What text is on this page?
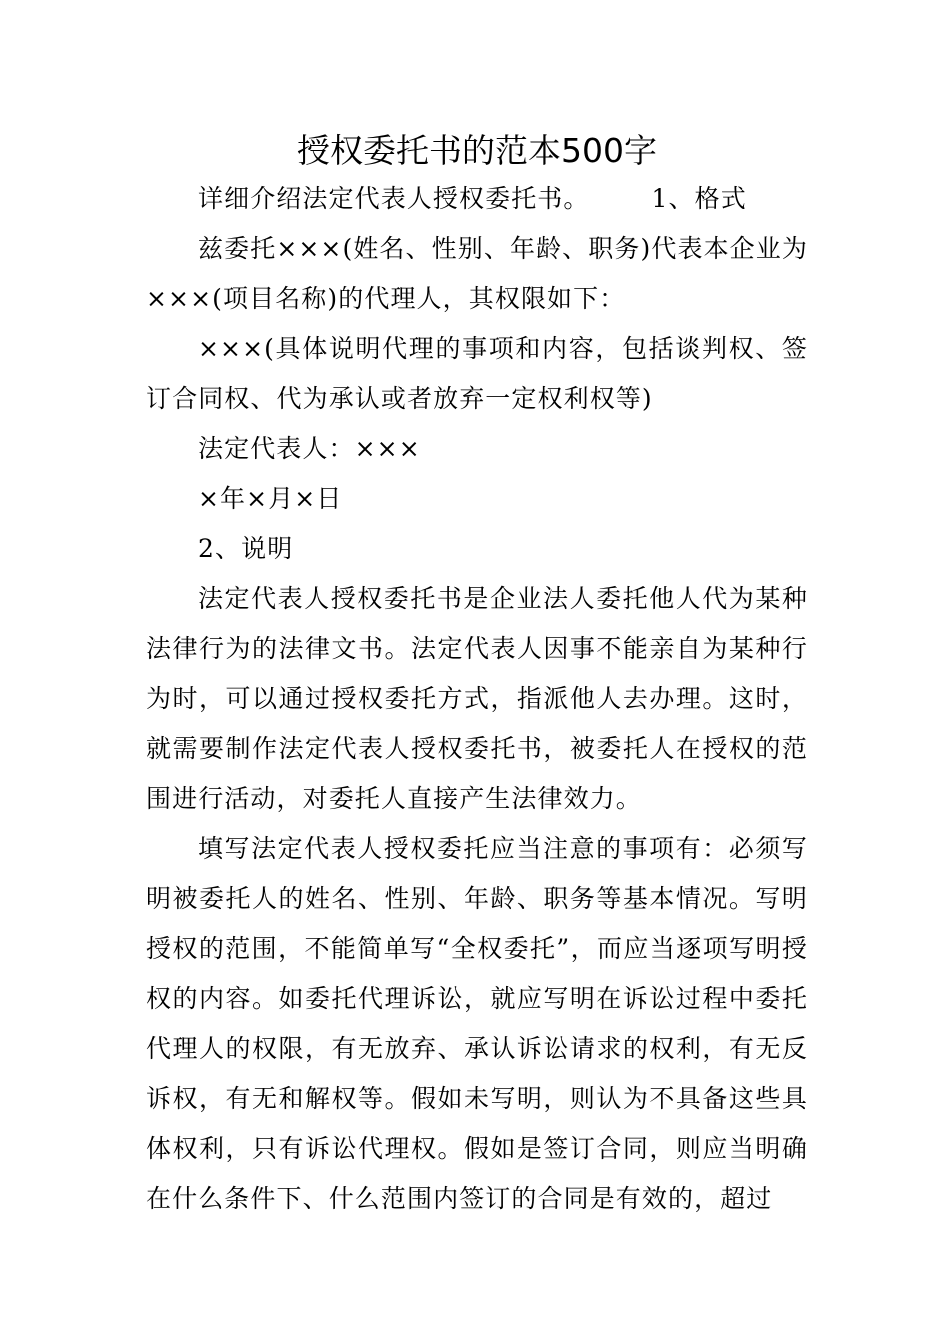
授权委托书的范本500字

详细介绍法定代表人授权委托书。 1、格式

兹委托×××(姓名、性别、年龄、职务)代表本企业为×××(项目名称)的代理人，其权限如下：

×××(具体说明代理的事项和内容，包括谈判权、签订合同权、代为承认或者放弃一定权利权等)

法定代表人：×××

×年×月×日

2、说明

法定代表人授权委托书是企业法人委托他人代为某种法律行为的法律文书。法定代表人因事不能亲自为某种行为时，可以通过授权委托方式，指派他人去办理。这时，就需要制作法定代表人授权委托书，被委托人在授权的范围进行活动，对委托人直接产生法律效力。

填写法定代表人授权委托应当注意的事项有：必须写明被委托人的姓名、性别、年龄、职务等基本情况。写明授权的范围，不能简单写“全权委托”，而应当逐项写明授权的内容。如委托代理诉讼，就应写明在诉讼过程中委托代理人的权限，有无放弃、承认诉讼请求的权利，有无反诉权，有无和解权等。假如未写明，则认为不具备这些具体权利，只有诉讼代理权。假如是签订合同，则应当明确在什么条件下、什么范围内签订的合同是有效的，超过
